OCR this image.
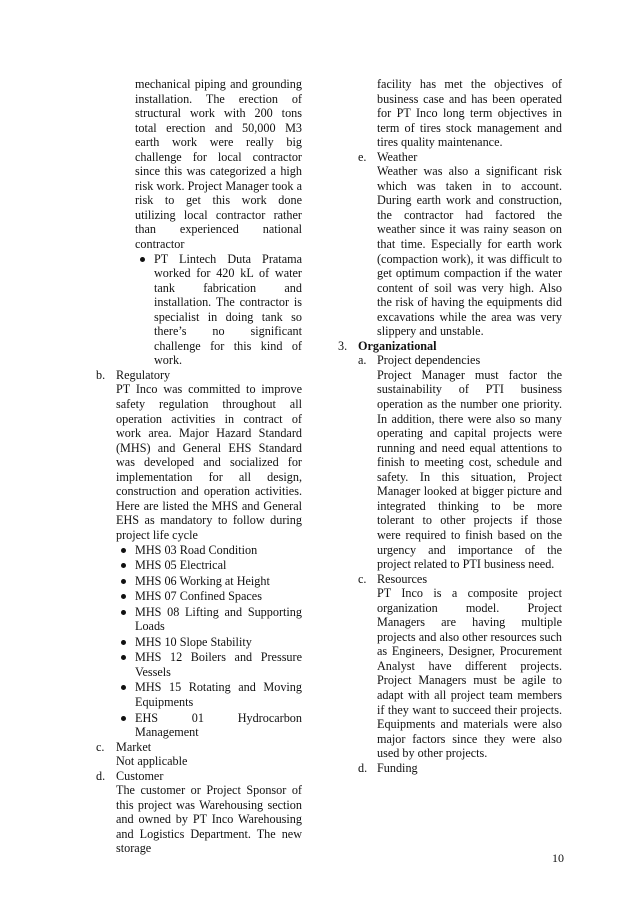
mechanical piping and grounding installation. The erection of structural work with 200 tons total erection and 50,000 M3 earth work were really big challenge for local contractor since this was categorized a high risk work. Project Manager took a risk to get this work done utilizing local contractor rather than experienced national contractor
PT Lintech Duta Pratama worked for 420 kL of water tank fabrication and installation. The contractor is specialist in doing tank so there’s no significant challenge for this kind of work.
b. Regulatory
PT Inco was committed to improve safety regulation throughout all operation activities in contract of work area. Major Hazard Standard (MHS) and General EHS Standard was developed and socialized for implementation for all design, construction and operation activities. Here are listed the MHS and General EHS as mandatory to follow during project life cycle
MHS 03 Road Condition
MHS 05 Electrical
MHS 06 Working at Height
MHS 07 Confined Spaces
MHS 08 Lifting and Supporting Loads
MHS 10 Slope Stability
MHS 12 Boilers and Pressure Vessels
MHS 15 Rotating and Moving Equipments
EHS 01 Hydrocarbon Management
c. Market
Not applicable
d. Customer
The customer or Project Sponsor of this project was Warehousing section and owned by PT Inco Warehousing and Logistics Department. The new storage
facility has met the objectives of business case and has been operated for PT Inco long term objectives in term of tires stock management and tires quality maintenance.
e. Weather
Weather was also a significant risk which was taken in to account. During earth work and construction, the contractor had factored the weather since it was rainy season on that time. Especially for earth work (compaction work), it was difficult to get optimum compaction if the water content of soil was very high. Also the risk of having the equipments did excavations while the area was very slippery and unstable.
3. Organizational
a. Project dependencies
Project Manager must factor the sustainability of PTI business operation as the number one priority. In addition, there were also so many operating and capital projects were running and need equal attentions to finish to meeting cost, schedule and safety. In this situation, Project Manager looked at bigger picture and integrated thinking to be more tolerant to other projects if those were required to finish based on the urgency and importance of the project related to PTI business need.
c. Resources
PT Inco is a composite project organization model. Project Managers are having multiple projects and also other resources such as Engineers, Designer, Procurement Analyst have different projects. Project Managers must be agile to adapt with all project team members if they want to succeed their projects. Equipments and materials were also major factors since they were also used by other projects.
d. Funding
10
